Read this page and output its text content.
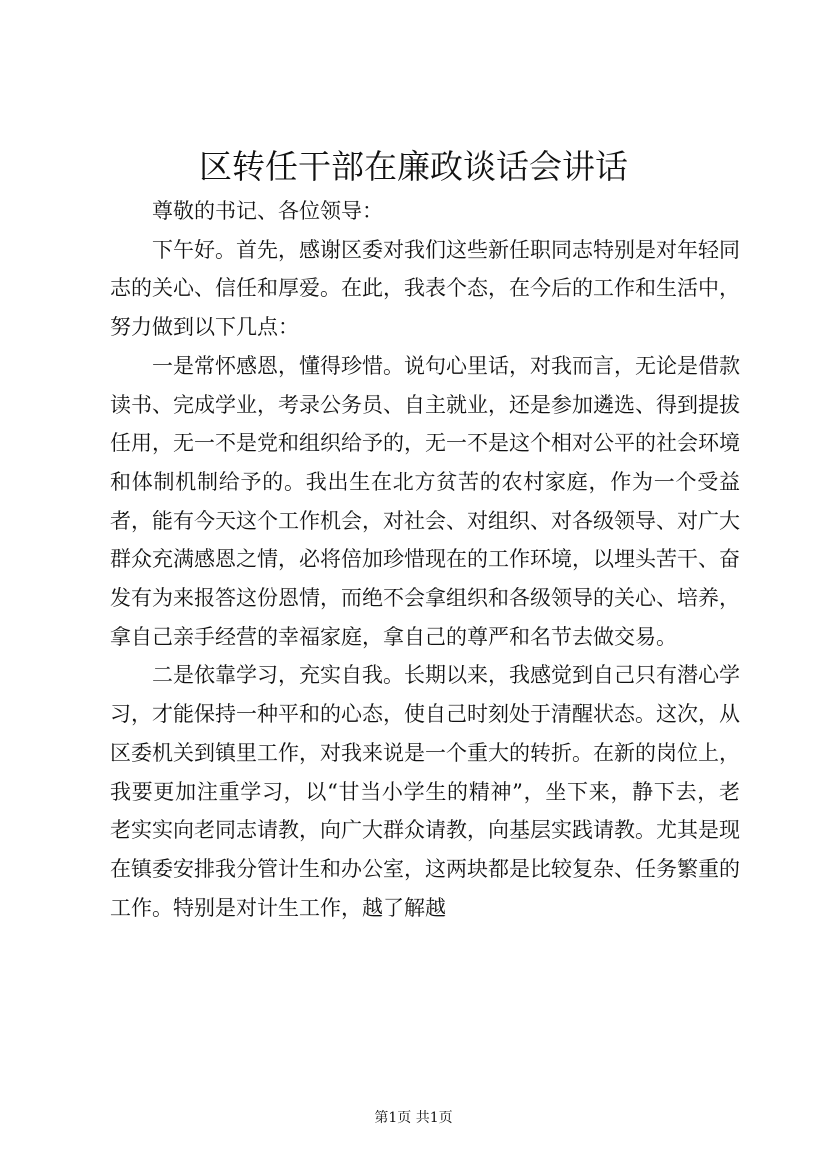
区转任干部在廉政谈话会讲话

尊敬的书记、各位领导：

下午好。首先，感谢区委对我们这些新任职同志特别是对年轻同志的关心、信任和厚爱。在此，我表个态，在今后的工作和生活中，努力做到以下几点：

一是常怀感恩，懂得珍惜。说句心里话，对我而言，无论是借款读书、完成学业，考录公务员、自主就业，还是参加遴选、得到提拔任用，无一不是党和组织给予的，无一不是这个相对公平的社会环境和体制机制给予的。我出生在北方贫苦的农村家庭，作为一个受益者，能有今天这个工作机会，对社会、对组织、对各级领导、对广大群众充满感恩之情，必将倍加珍惜现在的工作环境，以埋头苦干、奋发有为来报答这份恩情，而绝不会拿组织和各级领导的关心、培养，拿自己亲手经营的幸福家庭，拿自己的尊严和名节去做交易。

二是依靠学习，充实自我。长期以来，我感觉到自己只有潜心学习，才能保持一种平和的心态，使自己时刻处于清醒状态。这次，从区委机关到镇里工作，对我来说是一个重大的转折。在新的岗位上，我要更加注重学习，以“甘当小学生的精神”，坐下来，静下去，老老实实向老同志请教，向广大群众请教，向基层实践请教。尤其是现在镇委安排我分管计生和办公室，这两块都是比较复杂、任务繁重的工作。特别是对计生工作，越了解越

第1页 共1页
